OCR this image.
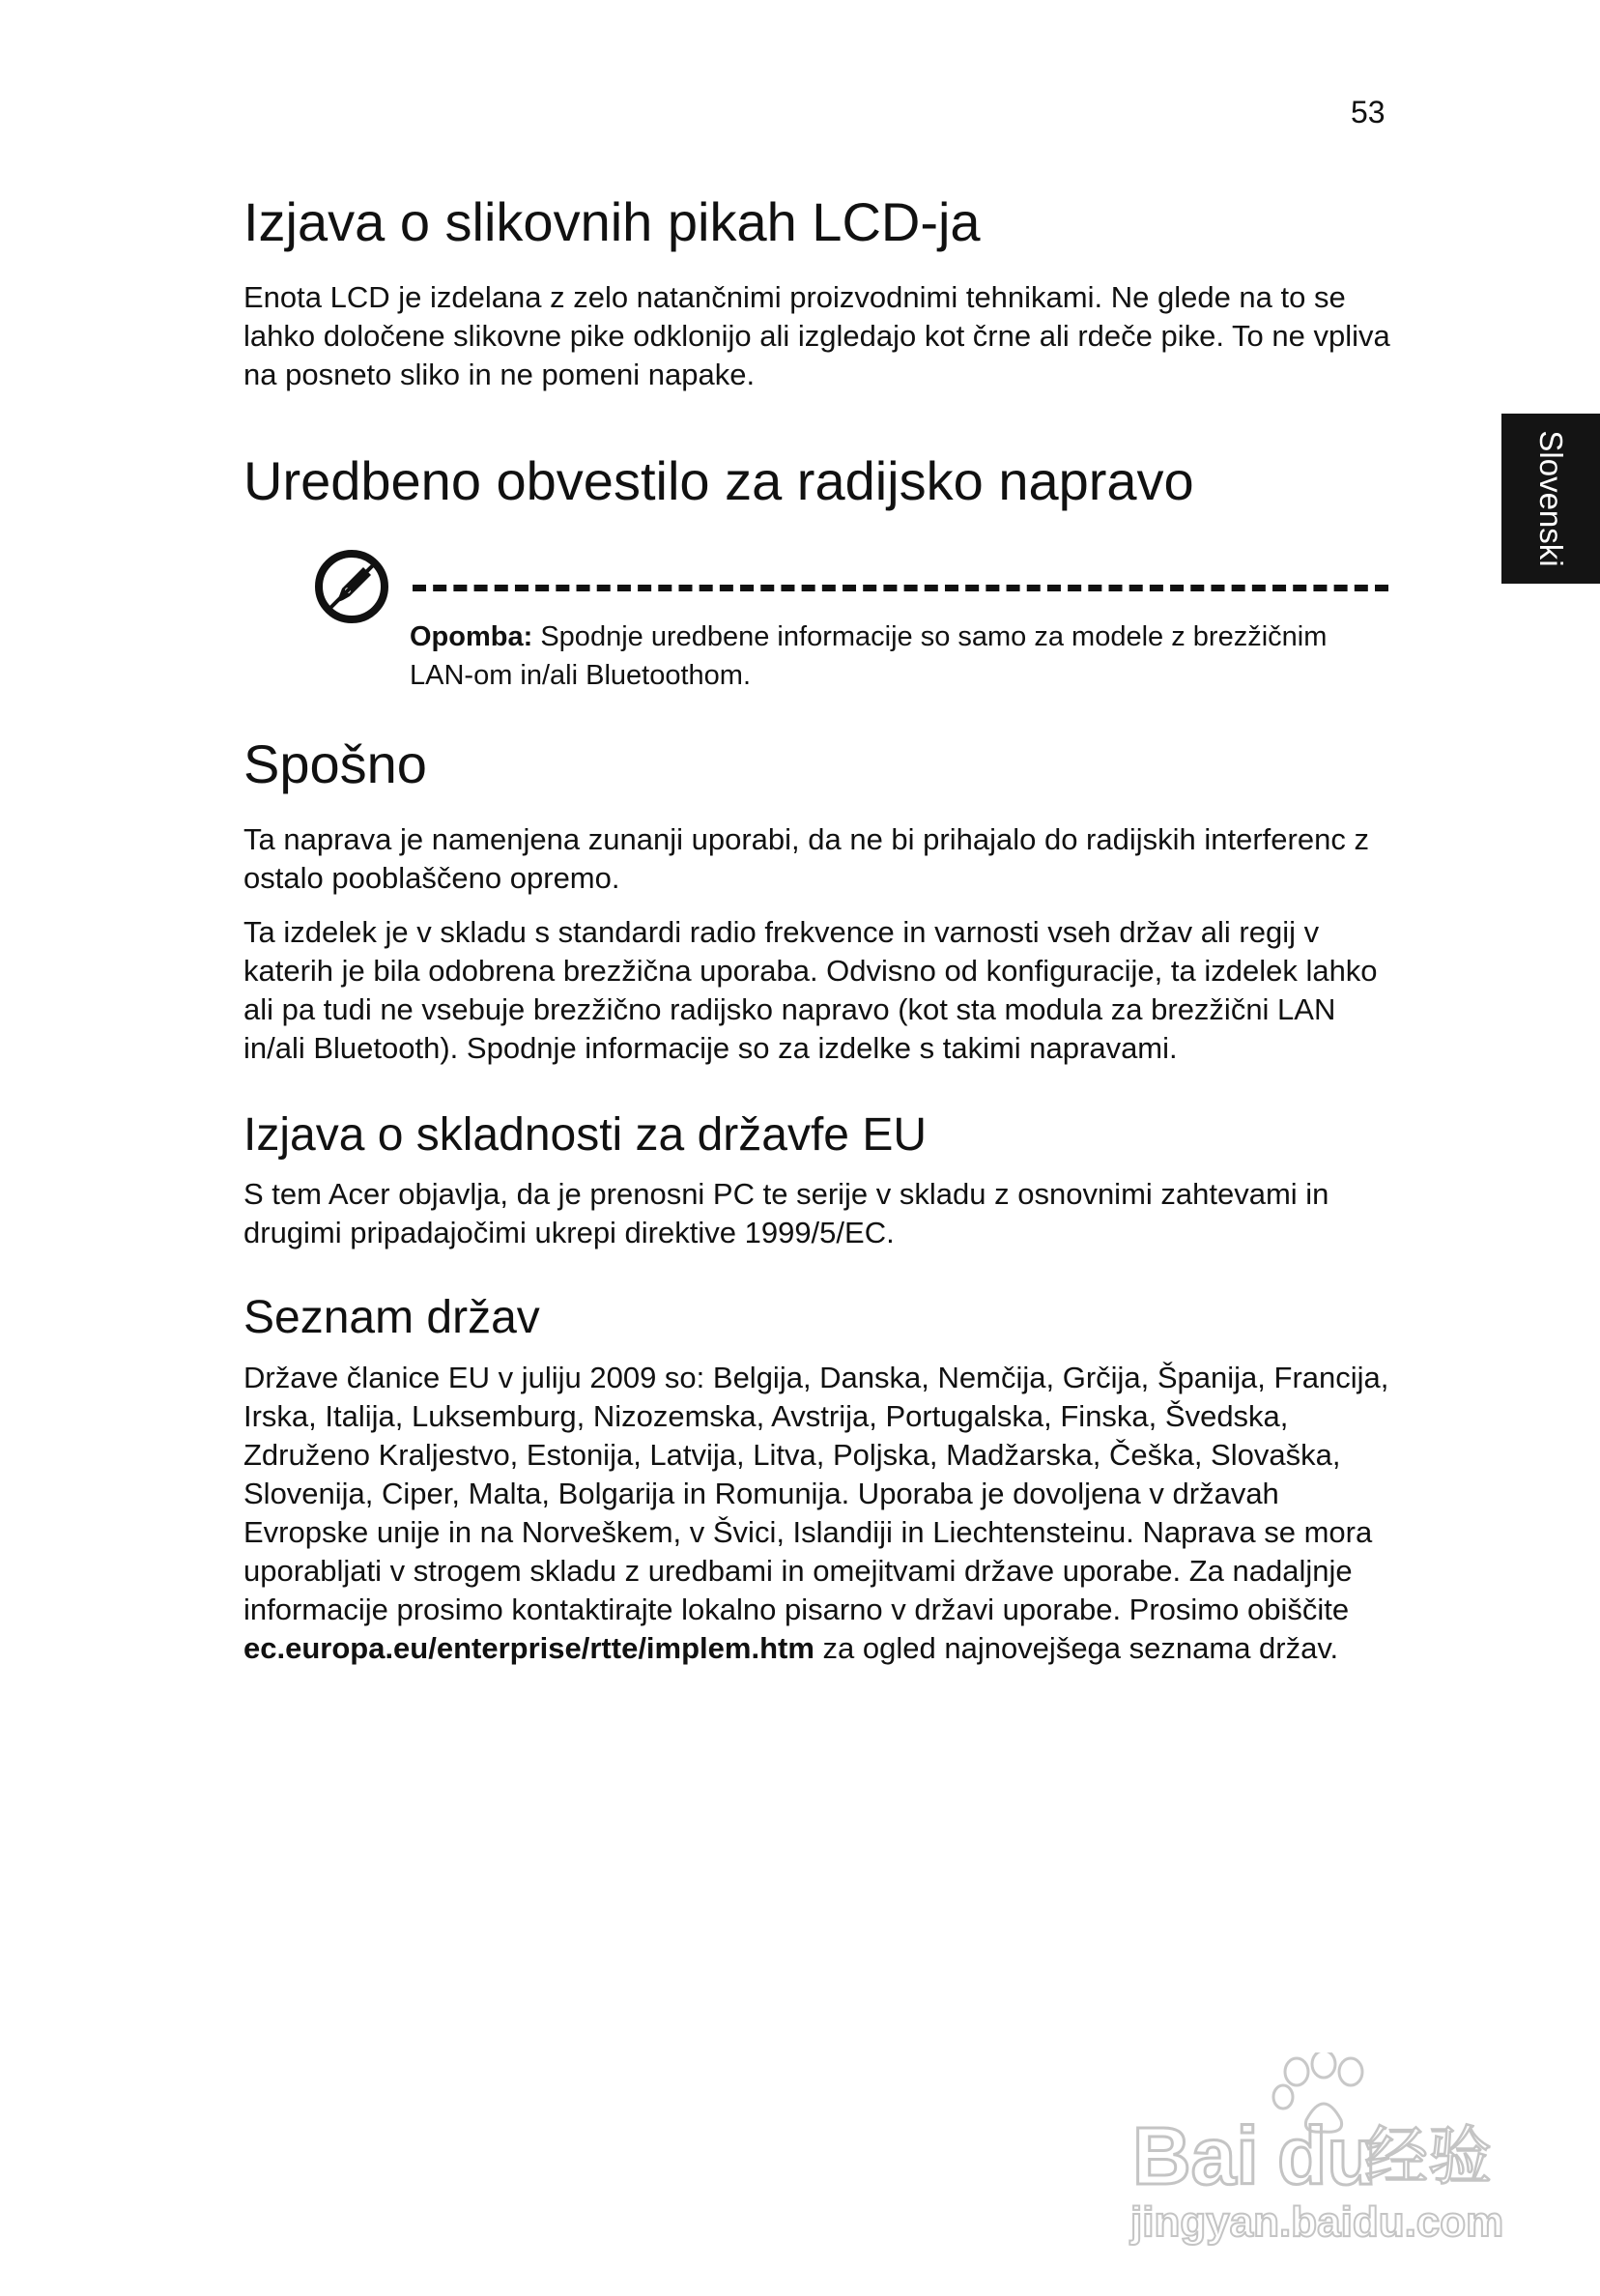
53
Slovenski
Izjava o slikovnih pikah LCD-ja

Enota LCD je izdelana z zelo natančnimi proizvodnimi tehnikami. Ne glede na to se lahko določene slikovne pike odklonijo ali izgledajo kot črne ali rdeče pike. To ne vpliva na posneto sliko in ne pomeni napake.

Uredbeno obvestilo za radijsko napravo

Opomba: Spodnje uredbene informacije so samo za modele z brezžičnim LAN-om in/ali Bluetoothom.

Spošno

Ta naprava je namenjena zunanji uporabi, da ne bi prihajalo do radijskih interferenc z ostalo pooblaščeno opremo.

Ta izdelek je v skladu s standardi radio frekvence in varnosti vseh držav ali regij v katerih je bila odobrena brezžična uporaba. Odvisno od konfiguracije, ta izdelek lahko ali pa tudi ne vsebuje brezžično radijsko napravo (kot sta modula za brezžični LAN in/ali Bluetooth). Spodnje informacije so za izdelke s takimi napravami.

Izjava o skladnosti za državfe EU

S tem Acer objavlja, da je prenosni PC te serije v skladu z osnovnimi zahtevami in drugimi pripadajočimi ukrepi direktive 1999/5/EC.

Seznam držav

Države članice EU v juliju 2009 so: Belgija, Danska, Nemčija, Grčija, Španija, Francija, Irska, Italija, Luksemburg, Nizozemska, Avstrija, Portugalska, Finska, Švedska, Združeno Kraljestvo, Estonija, Latvija, Litva, Poljska, Madžarska, Češka, Slovaška, Slovenija, Ciper, Malta, Bolgarija in Romunija. Uporaba je dovoljena v državah Evropske unije in na Norveškem, v Švici, Islandiji in Liechtensteinu. Naprava se mora uporabljati v strogem skladu z uredbami in omejitvami države uporabe. Za nadaljnje informacije prosimo kontaktirajte lokalno pisarno v državi uporabe. Prosimo obiščite ec.europa.eu/enterprise/rtte/implem.htm za ogled najnovejšega seznama držav.

Bai du
经验
jingyan.baidu.com
